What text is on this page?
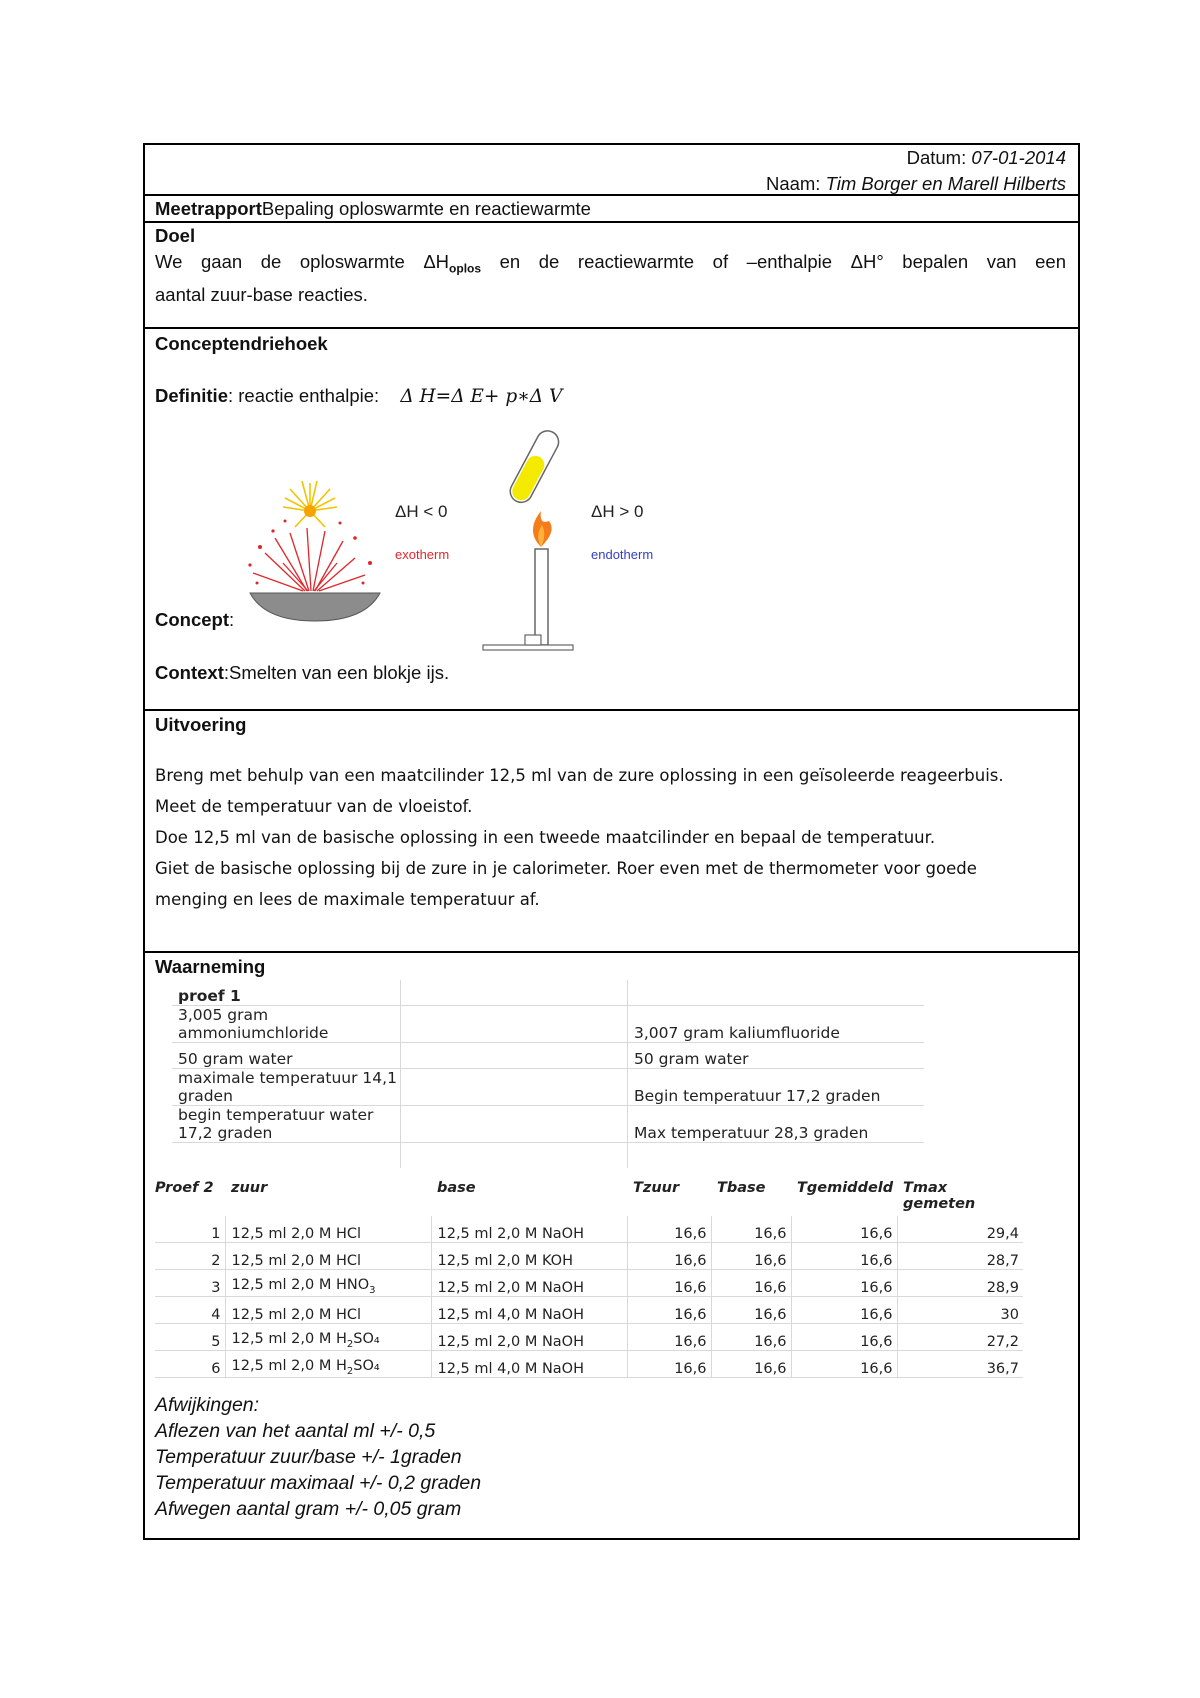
Datum: 07-01-2014
Naam: Tim Borger en Marell Hilberts
MeetrapportBepaling oploswarmte en reactiewarmte
Doel
We gaan de oploswarmte $\Delta H_{oplos}$ en de reactiewarmte of –enthalpie ΔH° bepalen van een
aantal zuur-base reacties.
Conceptendriehoek
Definitie: reactie enthalpie: Δ H=Δ E+ p∗Δ V
ΔH < 0	ΔH > 0
exotherm	endotherm
Concept:
Context:Smelten van een blokje ijs.
Uitvoering
Breng met behulp van een maatcilinder 12,5 ml van de zure oplossing in een geïsoleerde reageerbuis.
Meet de temperatuur van de vloeistof.
Doe 12,5 ml van de basische oplossing in een tweede maatcilinder en bepaal de temperatuur.
Giet de basische oplossing bij de zure in je calorimeter. Roer even met de thermometer voor goede
menging en lees de maximale temperatuur af.
Waarneming
proef 1		
3,005 gram ammoniumchloride		3,007 gram kaliumfluoride
50 gram water		50 gram water
maximale temperatuur 14,1 graden		Begin temperatuur 17,2 graden
begin temperatuur water 17,2 graden		Max temperatuur 28,3 graden

Proef 2	zuur	base	Tzuur	Tbase	Tgemiddeld	Tmax gemeten
1	12,5 ml 2,0 M HCl	12,5 ml 2,0 M NaOH	16,6	16,6	16,6	29,4
2	12,5 ml 2,0 M HCl	12,5 ml 2,0 M KOH	16,6	16,6	16,6	28,7
3	12,5 ml 2,0 M $HNO_3$	12,5 ml 2,0 M NaOH	16,6	16,6	16,6	28,9
4	12,5 ml 2,0 M HCl	12,5 ml 4,0 M NaOH	16,6	16,6	16,6	30
5	12,5 ml 2,0 M $H_2SO_4$	12,5 ml 2,0 M NaOH	16,6	16,6	16,6	27,2
6	12,5 ml 2,0 M $H_2SO_4$	12,5 ml 4,0 M NaOH	16,6	16,6	16,6	36,7
Afwijkingen:
Aflezen van het aantal ml +/- 0,5
Temperatuur zuur/base +/- 1graden
Temperatuur maximaal +/- 0,2 graden
Afwegen aantal gram +/- 0,05 gram
